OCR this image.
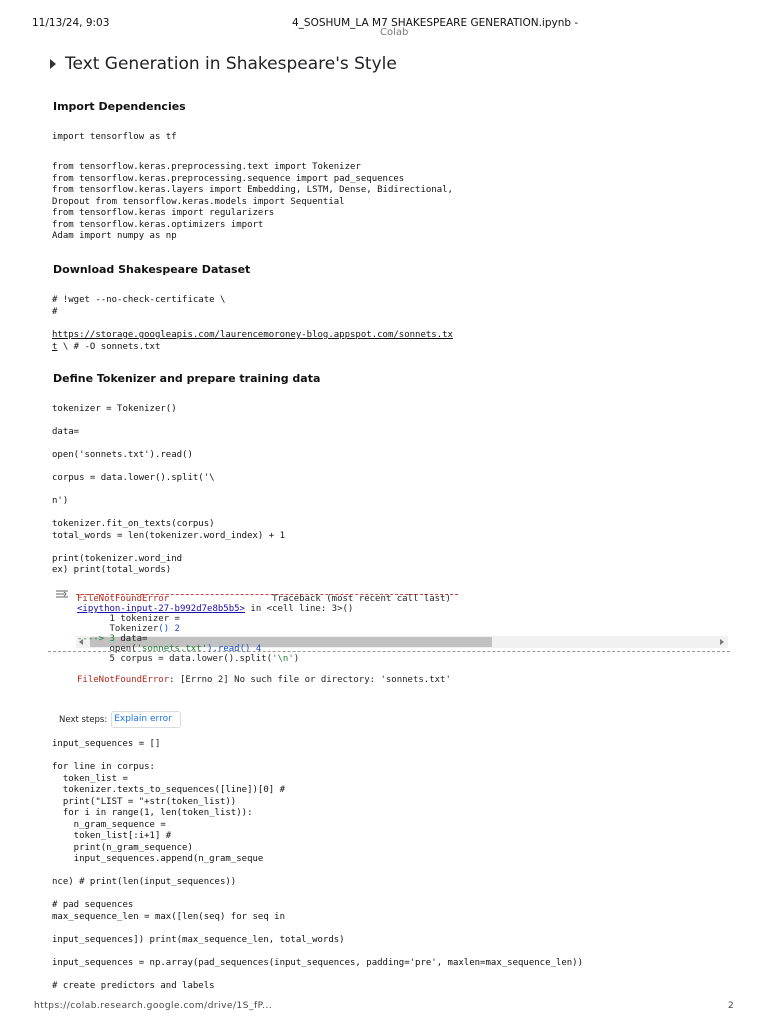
11/13/24, 9:03	4_SOSHUM_LA M7 SHAKESPEARE GENERATION.ipynb -
Colab
Text Generation in Shakespeare's Style
Import Dependencies
import tensorflow as tf
from tensorflow.keras.preprocessing.text import Tokenizer
from tensorflow.keras.preprocessing.sequence import pad_sequences
from tensorflow.keras.layers import Embedding, LSTM, Dense, Bidirectional,
Dropout from tensorflow.keras.models import Sequential
from tensorflow.keras import regularizers
from tensorflow.keras.optimizers import
Adam import numpy as np
Download Shakespeare Dataset
# !wget --no-check-certificate \
#
https://storage.googleapis.com/laurencemoroney-blog.appspot.com/sonnets.tx
t \ # -O sonnets.txt
Define Tokenizer and prepare training data
tokenizer = Tokenizer()
data=
open('sonnets.txt').read()
corpus = data.lower().split('\
n')
tokenizer.fit_on_texts(corpus)
total_words = len(tokenizer.word_index) + 1
print(tokenizer.word_ind
ex) print(total_words)
FileNotFoundError	Traceback (most recent call last)
<ipython-input-27-b992d7e8b5b5> in <cell line: 3>()
1 tokenizer =
Tokenizer() 2
----> 3 data=
open('sonnets.txt').read() 4
5 corpus = data.lower().split('\n')
FileNotFoundError: [Errno 2] No such file or directory: 'sonnets.txt'
Next steps: Explain error
input_sequences = []
for line in corpus:
token_list =
tokenizer.texts_to_sequences([line])[0] #
print("LIST = "+str(token_list))
for i in range(1, len(token_list)):
n_gram_sequence =
token_list[:i+1] #
print(n_gram_sequence)
input_sequences.append(n_gram_seque
nce) # print(len(input_sequences))
# pad sequences
max_sequence_len = max([len(seq) for seq in
input_sequences]) print(max_sequence_len, total_words)
input_sequences = np.array(pad_sequences(input_sequences, padding='pre', maxlen=max_sequence_len))
# create predictors and labels
https://colab.research.google.com/drive/1S_fP...	2
